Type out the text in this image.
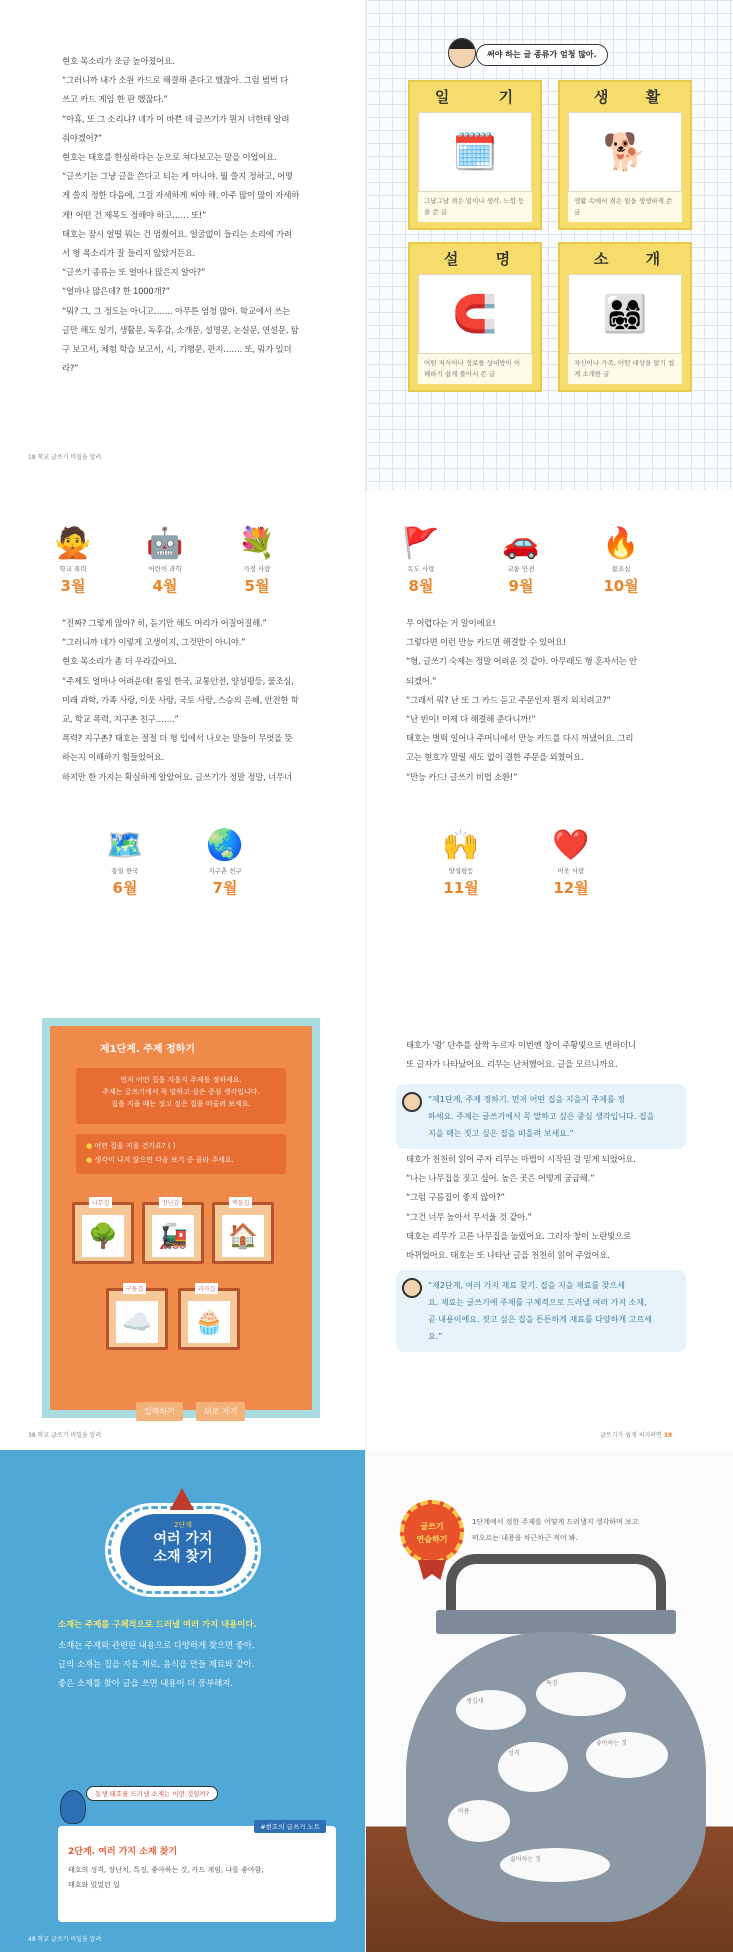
현호 목소리가 조금 높아졌어요.

“그러니까 내가 소원 카드로 해결해 준다고 했잖아. 그럼 범벅 다

쓰고 카드 게임 한 판 했잖다.”

“아휴, 또 그 소리냐? 네가 이 바쁜 데 글쓰기가 뭔지 너한테 알려

줘야겠어?”

현호는 태호를 한심하다는 눈으로 쳐다보고는 말을 이었어요.

“글쓰기는 그냥 글을 쓴다고 되는 게 아니야. 뭘 쓸지 정하고, 어떻

게 쓸지 정한 다음에, 그걸 자세하게 써야 해. 아주 많이 많이 자세하

게! 어떤 건 제목도 정해야 하고…… 또!”

태호는 잠시 얼떨 뭐는 건 멈췄어요. 얼굴없이 들리는 소리에 가려

서 형 목소리가 잘 들리지 않았거든요.

“글쓰기 종류는 또 얼마나 많은지 알아?”

“얼마나 많은데? 한 1000개?”

“뭐? 그, 그 정도는 아니고……. 아무튼 엄청 많아. 학교에서 쓰는

글만 해도 일기, 생활문, 독후감, 소개문, 설명문, 논설문, 연설문, 탐

구 보고서, 체험 학습 보고서, 시, 기행문, 편지……. 또, 뭐가 있더

라?”

18 학교 글쓰기 비밀을 알려
써야 하는 글 종류가 엄청 많아.
일 기
🗓️
그날그날 겪은 일이나 생각, 느낌 등을 쓴 글
생 활
🐕
생활 속에서 겪은 일을 생생하게 쓴 글
설 명
🧲
어떤 지식이나 정보를 상대방이 이해하기 쉽게 풀어서 쓴 글
소 개
👨‍👩‍👧‍👦
자신이나 가족, 어떤 대상을 알기 쉽게 소개한 글
🙅
학교 폭력
3월
🤖
어린이 과학
4월
💐
가정 사랑
5월

“진짜? 그렇게 많아? 히, 듣기만 해도 머리가 어질어질해.”

“그러니까 네가 이렇게 고생이지, 그것만이 아니야.”

현호 목소리가 좀 더 우라갔어요.

“주제도 얼마나 어려운데! 통일 한국, 교통안전, 양성평등, 물조심,

미래 과학, 가족 사랑, 이웃 사랑, 국토 사랑, 스승의 은혜, 안전한 학

교, 학교 폭력, 지구촌 친구…….”

폭력? 지구촌? 태호는 절절 더 형 입에서 나오는 말들이 무엇을 뜻

하는지 이해하기 힘들었어요.

하지만 한 가지는 확실하게 알았어요. 글쓰기가 정말 정말, 너무너

🗺️
통일 한국
6월
🌏
지구촌 친구
7월
🚩
독도 사랑
8월
🚗
교통 안전
9월
🔥
불조심
10월

무 어렵다는 거 말이에요!

그렇다면 이런 만능 카드면 해결할 수 있어요!

“형, 글쓰기 숙제는 정말 어려운 것 같아. 아무래도 형 혼자서는 안

되겠어.”

“그래서 뭐? 난 또 그 카드 듣고 주문인지 뭔지 외치려고?”

“난 빈이! 이제 다 해결해 준다니까!”

태호는 벌떡 일어나 주머니에서 만능 카드를 다시 꺼냈어요. 그리

고는 현호가 말릴 새도 없이 결한 주문을 외쳤어요.

“만능 카드! 글쓰기 비법 소환!”

🙌
양성평등
11월
❤️
이웃 사랑
12월
제1단계. 주제 정하기

먼저 어떤 집을 지을지 주제를 정하세요.

주제는 글쓰기에서 꼭 말하고 싶은 중심 생각입니다.

집을 지을 때는 짓고 싶은 집을 떠올려 보세요.

● 어떤 집을 지을 건가요? ( )
● 생각이 나지 않으면 다음 보기 중 골라 주세요.
나무집
🌳
장난감
🚂
벽돌집
🏠
구름집
☁️
과자집
🧁
입력하기	뒤로 가기
38 학교 글쓰기 비밀을 알려

태호가 ‘쾅’ 단추를 살짝 누르자 이번엔 창이 주황빛으로 변하더니

또 글자가 나타났어요. 리무는 난처했어요. 글을 모르니까요.

“제1단계, 주제 정하기. 먼저 어떤 집을 지을지 주제를 정

하세요. 주제는 글쓰기에서 꼭 말하고 싶은 중심 생각입니다. 집을

지을 때는 짓고 싶은 집을 떠올려 보세요.”

태호가 천천히 읽어 주자 리무는 마법이 시작된 걸 믿게 되었어요.

“나는 나무집을 짓고 싶어. 높은 곳은 어떻게 궁금해.”

“그럼 구름집이 좋지 않아?”

“그건 너무 높아서 무서울 것 같아.”

태호는 리무가 고른 나무집을 눌렀어요. 그러자 창이 노란빛으로

바뀌었어요. 태호는 또 나타난 글을 천천히 읽어 주었어요.

“제2단계, 여러 가지 재료 찾기. 집을 지을 재료를 찾으세

요. 재료는 글쓰기에 주제를 구체적으로 드러낼 여러 가지 소재,

곧 내용이에요. 짓고 싶은 집을 튼튼하게 재료를 다양하게 고르세

요.”

글쓰기가 쉽게 써지려면 39
2단계
여러 가지
소재 찾기
소재는 주제를 구체적으로 드러낼 여러 가지 내용이다.

소재는 주제와 관련된 내용으로 다양하게 찾으면 좋아.

글의 소재는 집을 지을 재료, 음식을 만들 재료와 같아.

좋은 소재를 찾아 글을 쓰면 내용이 더 풍부해져.

동생 태호를 드러낼 소재는 어떤 것일까?
#현호의 글쓰기 노트
2단계. 여러 가지 소재 찾기

태호의 성격, 장난치, 특징, 좋아하는 것, 카드 게임, 나를 좋아함,

태호와 있었던 일

48 학교 글쓰기 비밀을 알려
글쓰기
연습하기

1단계에서 정한 주제를 어떻게 드러낼지 생각하며 보고

떠오르는 내용을 차근차근 적어 봐.

생김새
특징
성격
좋아하는 것
이름
싫어하는 것
